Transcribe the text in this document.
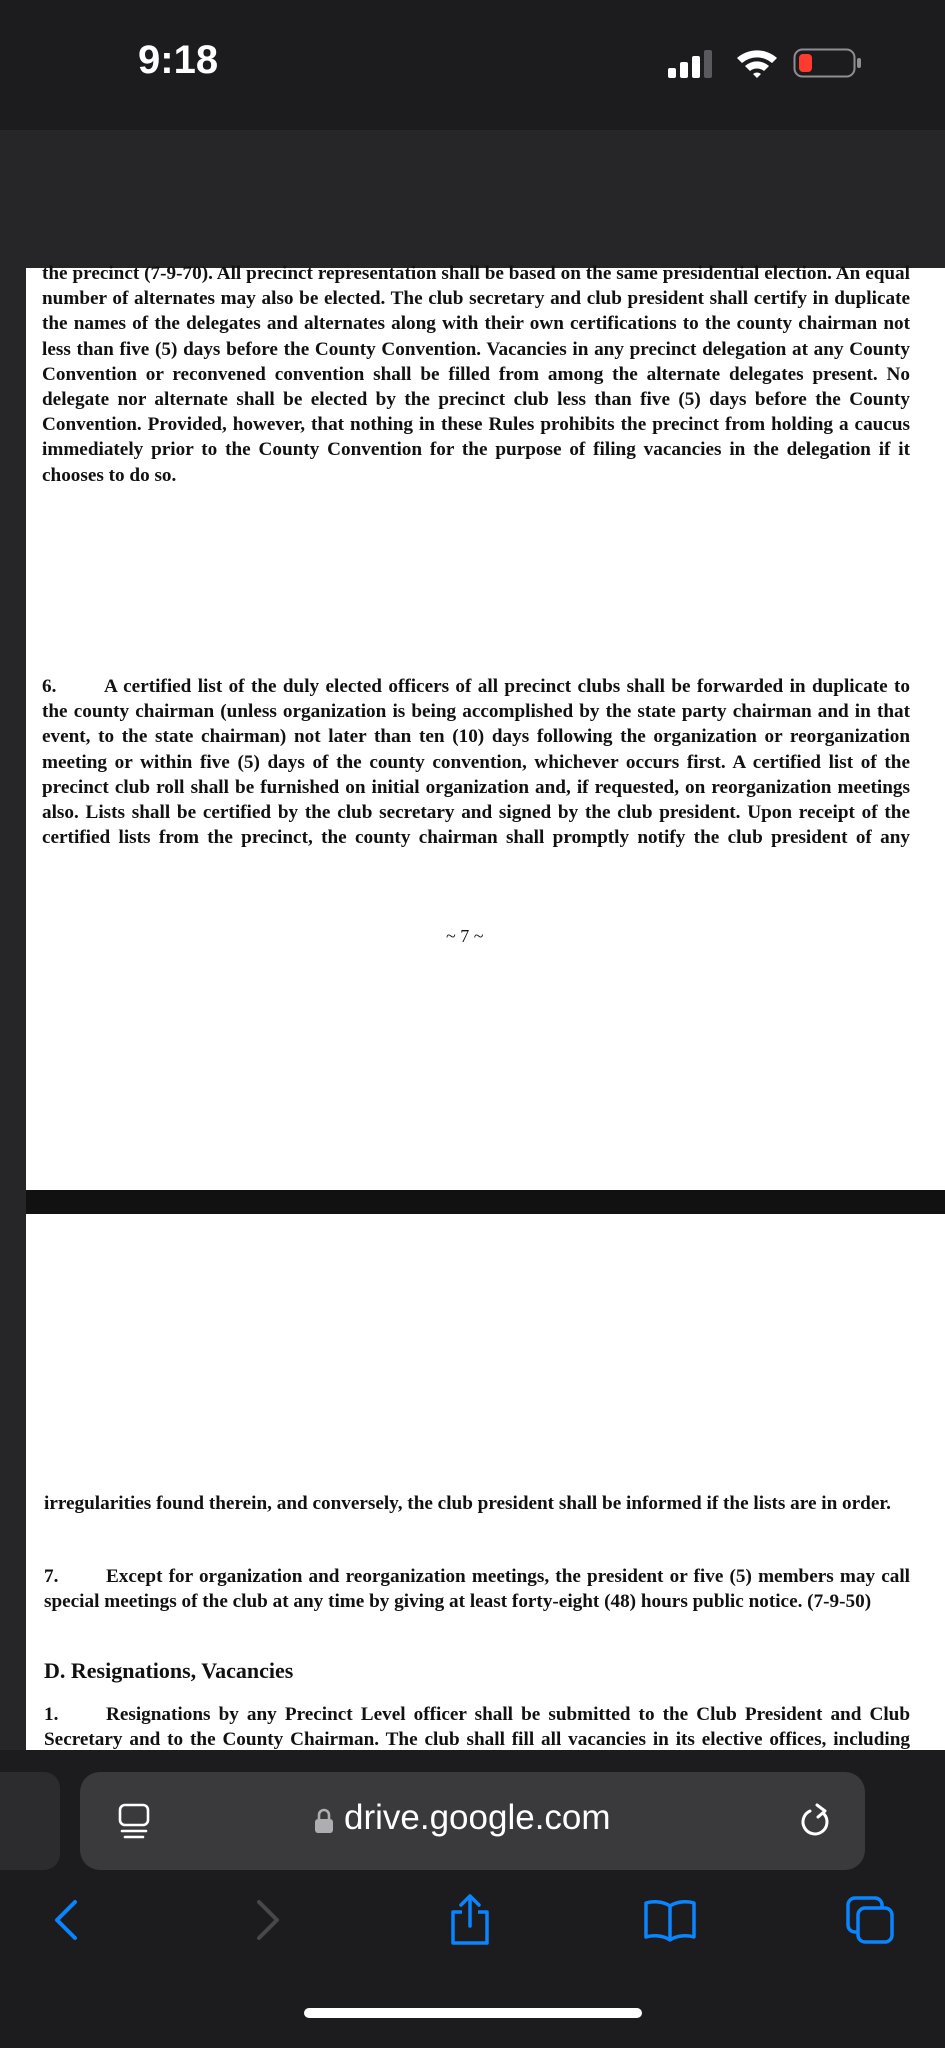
9:18

the precinct (7-9-70). All precinct representation shall be based on the same presidential election. An equal number of alternates may also be elected. The club secretary and club president shall certify in duplicate the names of the delegates and alternates along with their own certifications to the county chairman not less than five (5) days before the County Convention. Vacancies in any precinct delegation at any County Convention or reconvened convention shall be filled from among the alternate delegates present. No delegate nor alternate shall be elected by the precinct club less than five (5) days before the County Convention. Provided, however, that nothing in these Rules prohibits the precinct from holding a caucus immediately prior to the County Convention for the purpose of filing vacancies in the delegation if it chooses to do so.

6. A certified list of the duly elected officers of all precinct clubs shall be forwarded in duplicate to the county chairman (unless organization is being accomplished by the state party chairman and in that event, to the state chairman) not later than ten (10) days following the organization or reorganization meeting or within five (5) days of the county convention, whichever occurs first. A certified list of the precinct club roll shall be furnished on initial organization and, if requested, on reorganization meetings also. Lists shall be certified by the club secretary and signed by the club president. Upon receipt of the certified lists from the precinct, the county chairman shall promptly notify the club president of any

~ 7 ~

irregularities found therein, and conversely, the club president shall be informed if the lists are in order.

7. Except for organization and reorganization meetings, the president or five (5) members may call special meetings of the club at any time by giving at least forty-eight (48) hours public notice. (7-9-50)

D. Resignations, Vacancies

1. Resignations by any Precinct Level officer shall be submitted to the Club President and Club Secretary and to the County Chairman. The club shall fill all vacancies in its elective offices, including

drive.google.com
